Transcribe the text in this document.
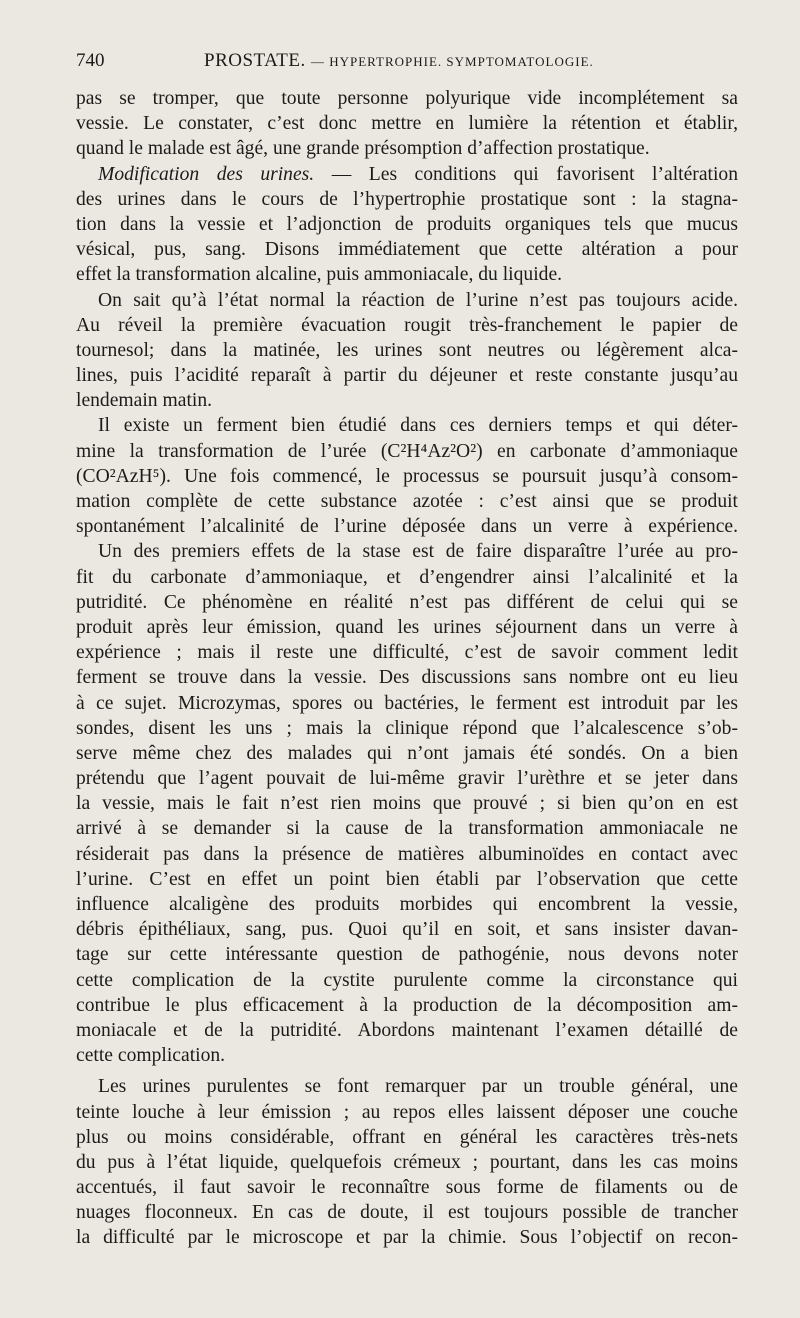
740	PROSTATE. — HYPERTROPHIE. SYMPTOMATOLOGIE.
pas se tromper, que toute personne polyurique vide incomplétement sa
vessie. Le constater, c’est donc mettre en lumière la rétention et établir,
quand le malade est âgé, une grande présomption d’affection prostatique.
Modification des urines. — Les conditions qui favorisent l’altération
des urines dans le cours de l’hypertrophie prostatique sont : la stagna-
tion dans la vessie et l’adjonction de produits organiques tels que mucus
vésical, pus, sang. Disons immédiatement que cette altération a pour
effet la transformation alcaline, puis ammoniacale, du liquide.
On sait qu’à l’état normal la réaction de l’urine n’est pas toujours acide.
Au réveil la première évacuation rougit très-franchement le papier de
tournesol; dans la matinée, les urines sont neutres ou légèrement alca-
lines, puis l’acidité reparaît à partir du déjeuner et reste constante jusqu’au
lendemain matin.
Il existe un ferment bien étudié dans ces derniers temps et qui déter-
mine la transformation de l’urée (C²H⁴Az²O²) en carbonate d’ammoniaque
(CO²AzH⁵). Une fois commencé, le processus se poursuit jusqu’à consom-
mation complète de cette substance azotée : c’est ainsi que se produit
spontanément l’alcalinité de l’urine déposée dans un verre à expérience.
Un des premiers effets de la stase est de faire disparaître l’urée au pro-
fit du carbonate d’ammoniaque, et d’engendrer ainsi l’alcalinité et la
putridité. Ce phénomène en réalité n’est pas différent de celui qui se
produit après leur émission, quand les urines séjournent dans un verre à
expérience ; mais il reste une difficulté, c’est de savoir comment ledit
ferment se trouve dans la vessie. Des discussions sans nombre ont eu lieu
à ce sujet. Microzymas, spores ou bactéries, le ferment est introduit par les
sondes, disent les uns ; mais la clinique répond que l’alcalescence s’ob-
serve même chez des malades qui n’ont jamais été sondés. On a bien
prétendu que l’agent pouvait de lui-même gravir l’urèthre et se jeter dans
la vessie, mais le fait n’est rien moins que prouvé ; si bien qu’on en est
arrivé à se demander si la cause de la transformation ammoniacale ne
résiderait pas dans la présence de matières albuminoïdes en contact avec
l’urine. C’est en effet un point bien établi par l’observation que cette
influence alcaligène des produits morbides qui encombrent la vessie,
débris épithéliaux, sang, pus. Quoi qu’il en soit, et sans insister davan-
tage sur cette intéressante question de pathogénie, nous devons noter
cette complication de la cystite purulente comme la circonstance qui
contribue le plus efficacement à la production de la décomposition am-
moniacale et de la putridité. Abordons maintenant l’examen détaillé de
cette complication.
Les urines purulentes se font remarquer par un trouble général, une
teinte louche à leur émission ; au repos elles laissent déposer une couche
plus ou moins considérable, offrant en général les caractères très-nets
du pus à l’état liquide, quelquefois crémeux ; pourtant, dans les cas moins
accentués, il faut savoir le reconnaître sous forme de filaments ou de
nuages floconneux. En cas de doute, il est toujours possible de trancher
la difficulté par le microscope et par la chimie. Sous l’objectif on recon-
